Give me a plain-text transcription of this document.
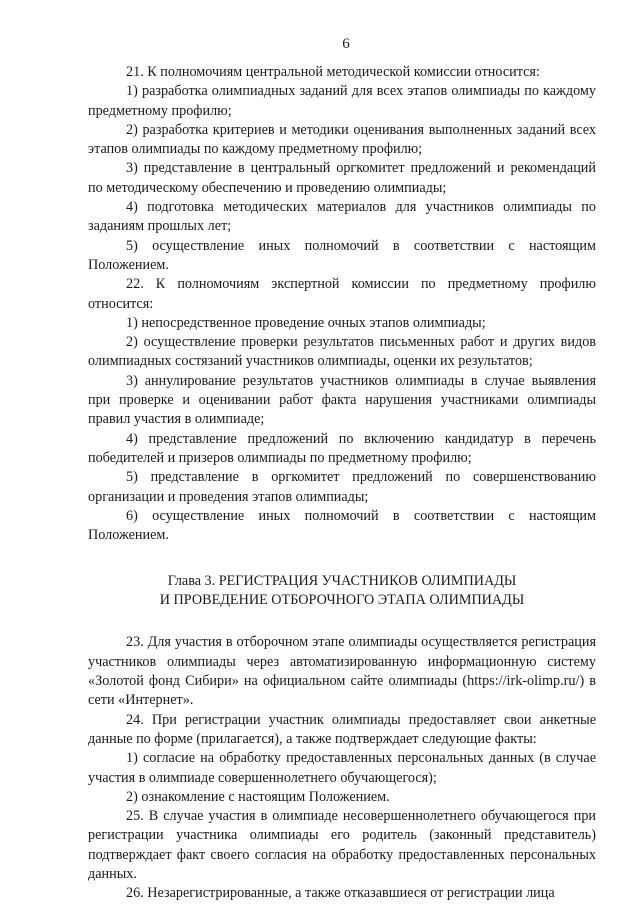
6

21. К полномочиям центральной методической комиссии относится:

1) разработка олимпиадных заданий для всех этапов олимпиады по каждому предметному профилю;

2) разработка критериев и методики оценивания выполненных заданий всех этапов олимпиады по каждому предметному профилю;

3) представление в центральный оргкомитет предложений и рекомендаций по методическому обеспечению и проведению олимпиады;

4) подготовка методических материалов для участников олимпиады по заданиям прошлых лет;

5) осуществление иных полномочий в соответствии с настоящим Положением.

22. К полномочиям экспертной комиссии по предметному профилю относится:

1) непосредственное проведение очных этапов олимпиады;

2) осуществление проверки результатов письменных работ и других видов олимпиадных состязаний участников олимпиады, оценки их результатов;

3) аннулирование результатов участников олимпиады в случае выявления при проверке и оценивании работ факта нарушения участниками олимпиады правил участия в олимпиаде;

4) представление предложений по включению кандидатур в перечень победителей и призеров олимпиады по предметному профилю;

5) представление в оргкомитет предложений по совершенствованию организации и проведения этапов олимпиады;

6) осуществление иных полномочий в соответствии с настоящим Положением.

Глава 3. РЕГИСТРАЦИЯ УЧАСТНИКОВ ОЛИМПИАДЫ
И ПРОВЕДЕНИЕ ОТБОРОЧНОГО ЭТАПА ОЛИМПИАДЫ

23. Для участия в отборочном этапе олимпиады осуществляется регистрация участников олимпиады через автоматизированную информационную систему «Золотой фонд Сибири» на официальном сайте олимпиады (https://irk-olimp.ru/) в сети «Интернет».

24. При регистрации участник олимпиады предоставляет свои анкетные данные по форме (прилагается), а также подтверждает следующие факты:

1) согласие на обработку предоставленных персональных данных (в случае участия в олимпиаде совершеннолетнего обучающегося);

2) ознакомление с настоящим Положением.

25. В случае участия в олимпиаде несовершеннолетнего обучающегося при регистрации участника олимпиады его родитель (законный представитель) подтверждает факт своего согласия на обработку предоставленных персональных данных.

26. Незарегистрированные, а также отказавшиеся от регистрации лица
